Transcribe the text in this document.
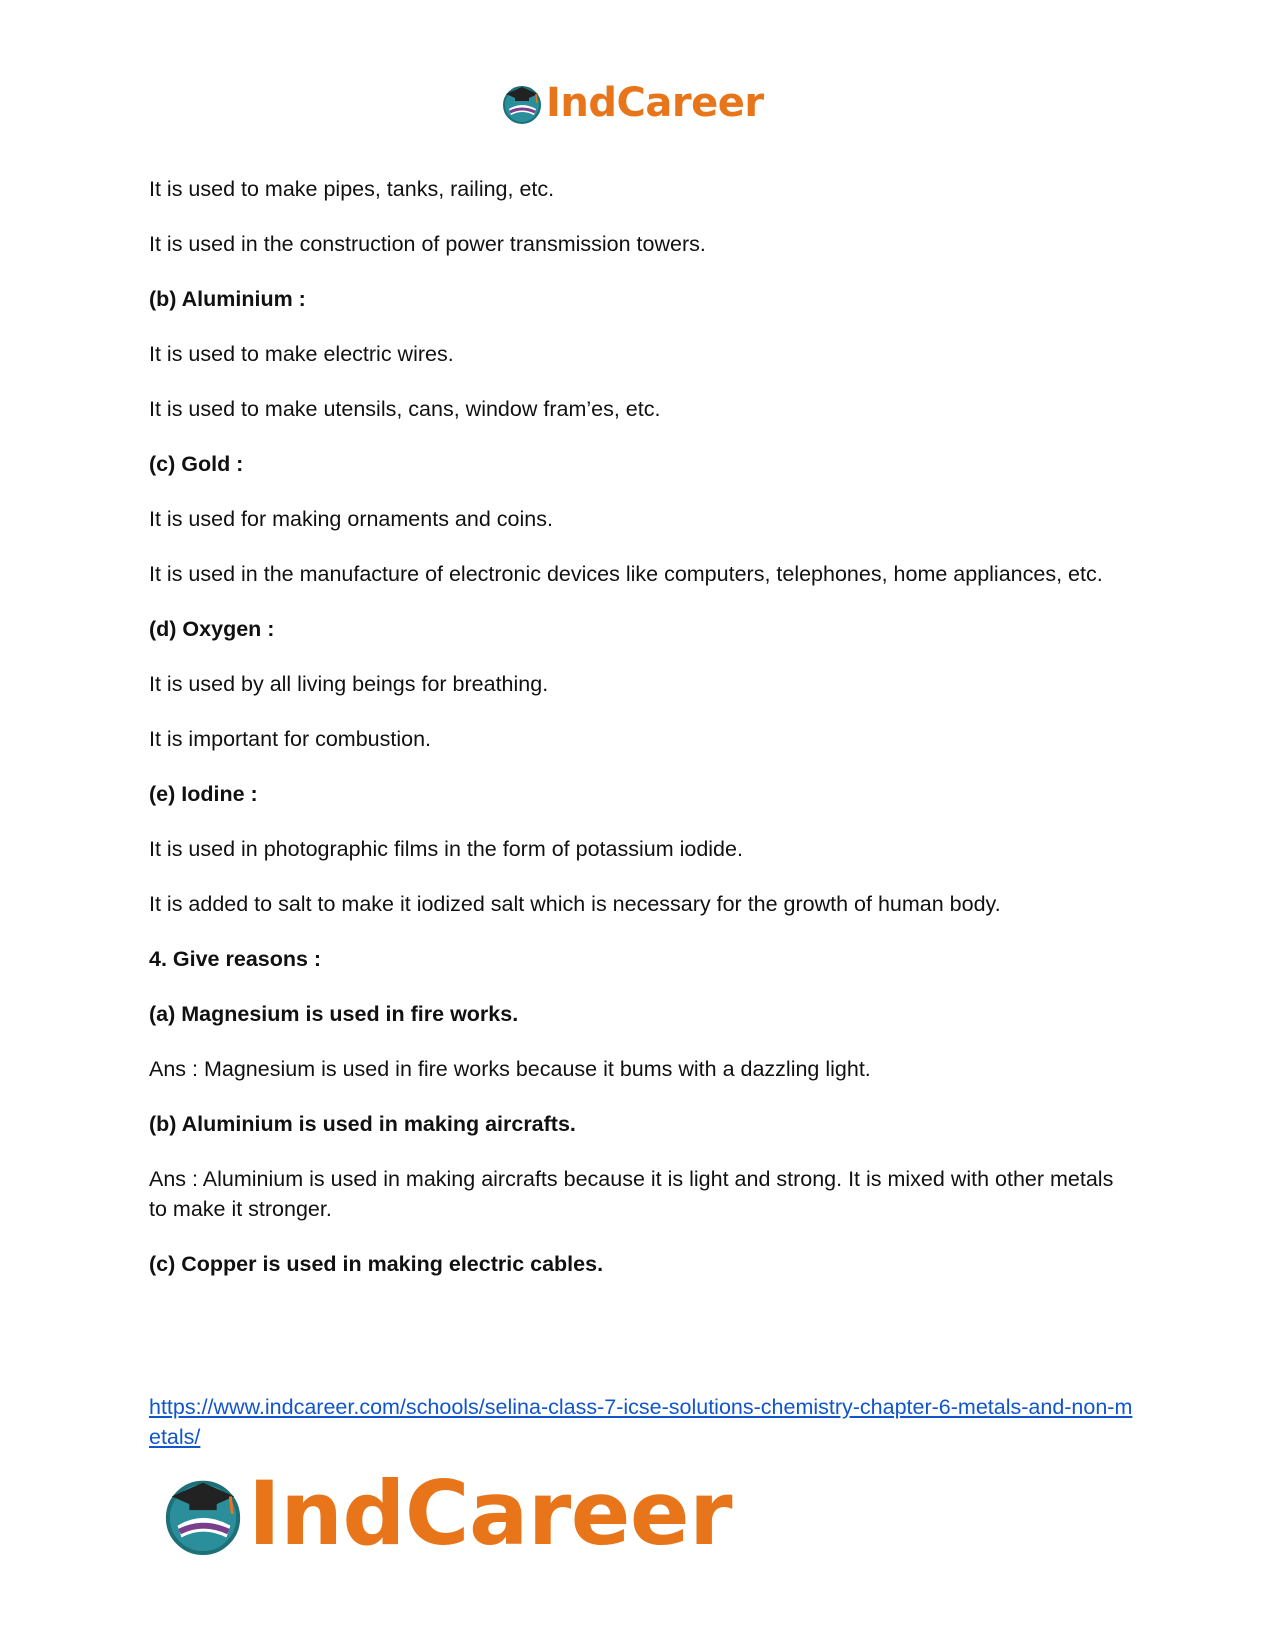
IndCareer

It is used to make pipes, tanks, railing, etc.

It is used in the construction of power transmission towers.

(b) Aluminium :

It is used to make electric wires.

It is used to make utensils, cans, window fram’es, etc.

(c) Gold :

It is used for making ornaments and coins.

It is used in the manufacture of electronic devices like computers, telephones, home appliances, etc.

(d) Oxygen :

It is used by all living beings for breathing.

It is important for combustion.

(e) Iodine :

It is used in photographic films in the form of potassium iodide.

It is added to salt to make it iodized salt which is necessary for the growth of human body.

4. Give reasons :

(a) Magnesium is used in fire works.

Ans : Magnesium is used in fire works because it bums with a dazzling light.

(b) Aluminium is used in making aircrafts.

Ans : Aluminium is used in making aircrafts because it is light and strong. It is mixed with other metals to make it stronger.

(c) Copper is used in making electric cables.

https://www.indcareer.com/schools/selina-class-7-icse-solutions-chemistry-chapter-6-metals-and-non-metals/
IndCareer
